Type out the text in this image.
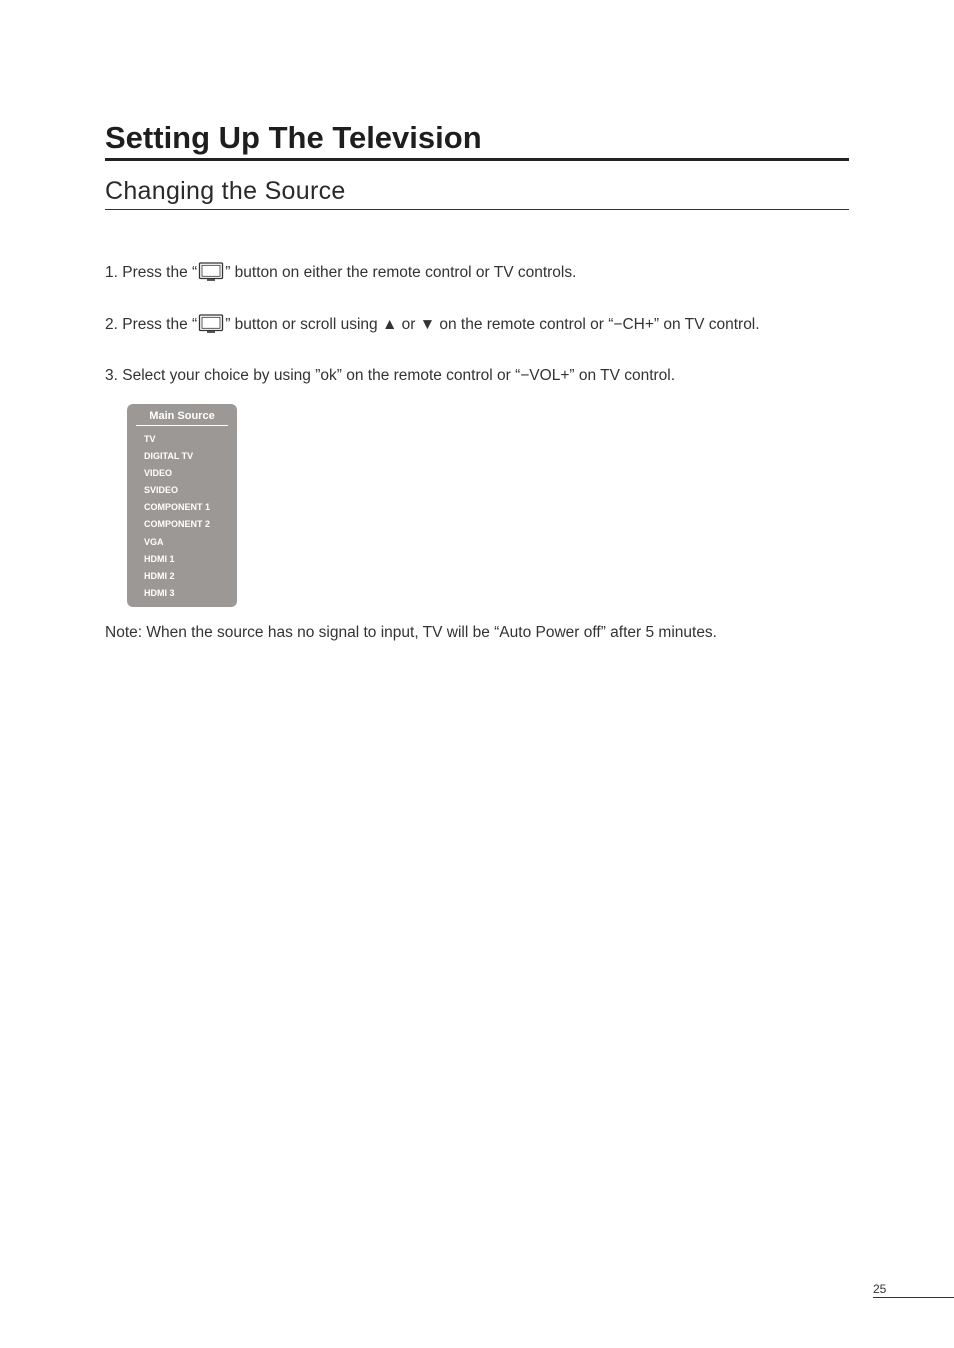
Setting Up The Television
Changing the Source
1. Press the “ ” button on either the remote control or TV controls.
2. Press the “ ” button or scroll using ▲ or ▼ on the remote control or “−CH+” on TV control.
3. Select your choice by using ”ok” on the remote control or “−VOL+” on TV control.
Main Source
TV
DIGITAL TV
VIDEO
SVIDEO
COMPONENT 1
COMPONENT 2
VGA
HDMI 1
HDMI 2
HDMI 3
Note: When the source has no signal to input, TV will be “Auto Power off” after 5 minutes.
25
